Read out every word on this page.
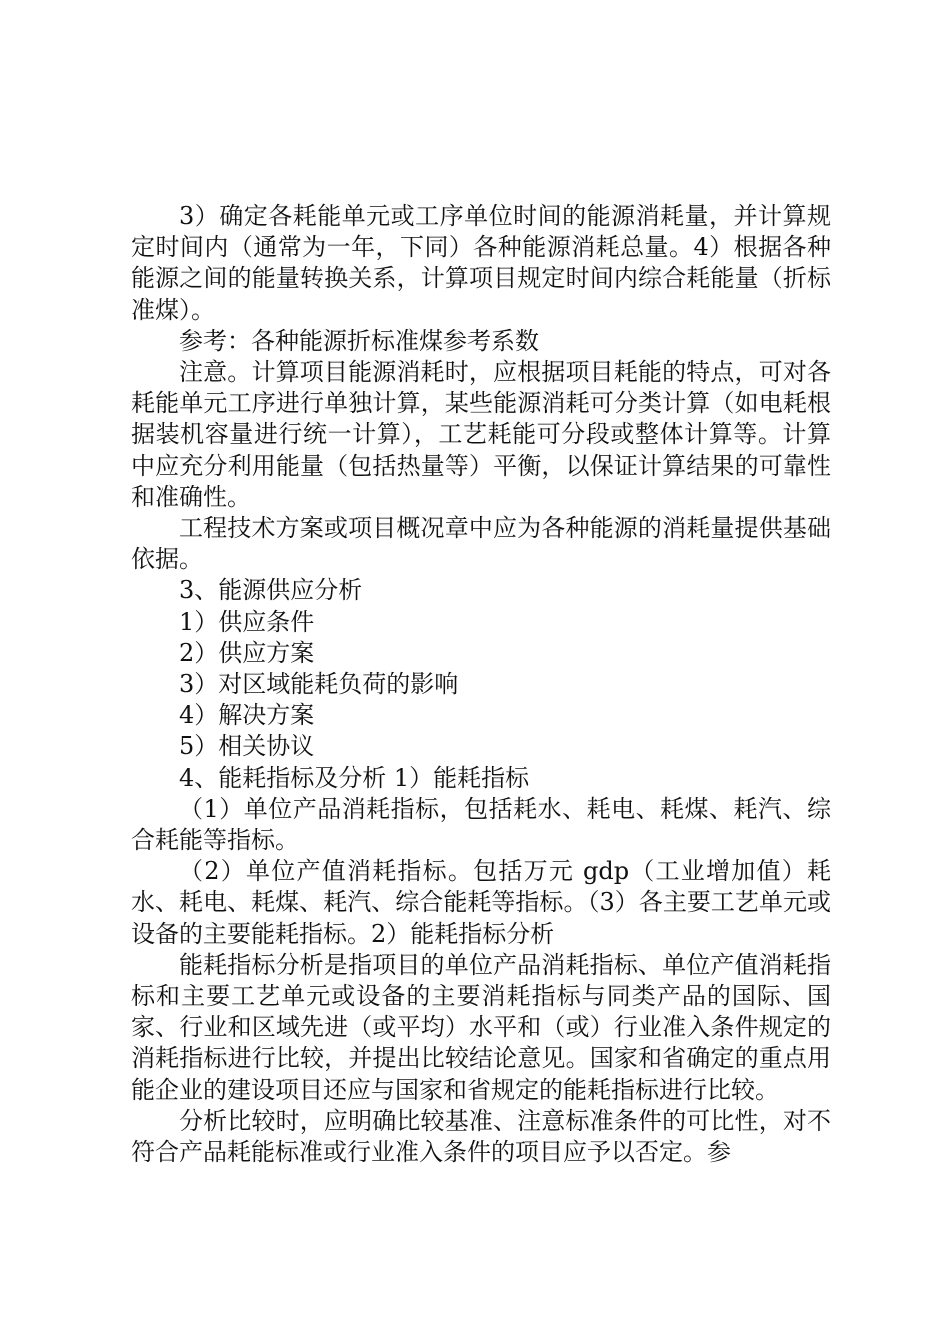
3）确定各耗能单元或工序单位时间的能源消耗量，并计算规定时间内（通常为一年，下同）各种能源消耗总量。4）根据各种能源之间的能量转换关系，计算项目规定时间内综合耗能量（折标准煤）。

参考：各种能源折标准煤参考系数

注意。计算项目能源消耗时，应根据项目耗能的特点，可对各耗能单元工序进行单独计算，某些能源消耗可分类计算（如电耗根据装机容量进行统一计算），工艺耗能可分段或整体计算等。计算中应充分利用能量（包括热量等）平衡，以保证计算结果的可靠性和准确性。

工程技术方案或项目概况章中应为各种能源的消耗量提供基础依据。

3、能源供应分析

1）供应条件

2）供应方案

3）对区域能耗负荷的影响

4）解决方案

5）相关协议

4、能耗指标及分析 1）能耗指标

（1）单位产品消耗指标，包括耗水、耗电、耗煤、耗汽、综合耗能等指标。

（2）单位产值消耗指标。包括万元 gdp（工业增加值）耗水、耗电、耗煤、耗汽、综合能耗等指标。（3）各主要工艺单元或设备的主要能耗指标。2）能耗指标分析

能耗指标分析是指项目的单位产品消耗指标、单位产值消耗指标和主要工艺单元或设备的主要消耗指标与同类产品的国际、国家、行业和区域先进（或平均）水平和（或）行业准入条件规定的消耗指标进行比较，并提出比较结论意见。国家和省确定的重点用能企业的建设项目还应与国家和省规定的能耗指标进行比较。

分析比较时，应明确比较基准、注意标准条件的可比性，对不符合产品耗能标准或行业准入条件的项目应予以否定。参
